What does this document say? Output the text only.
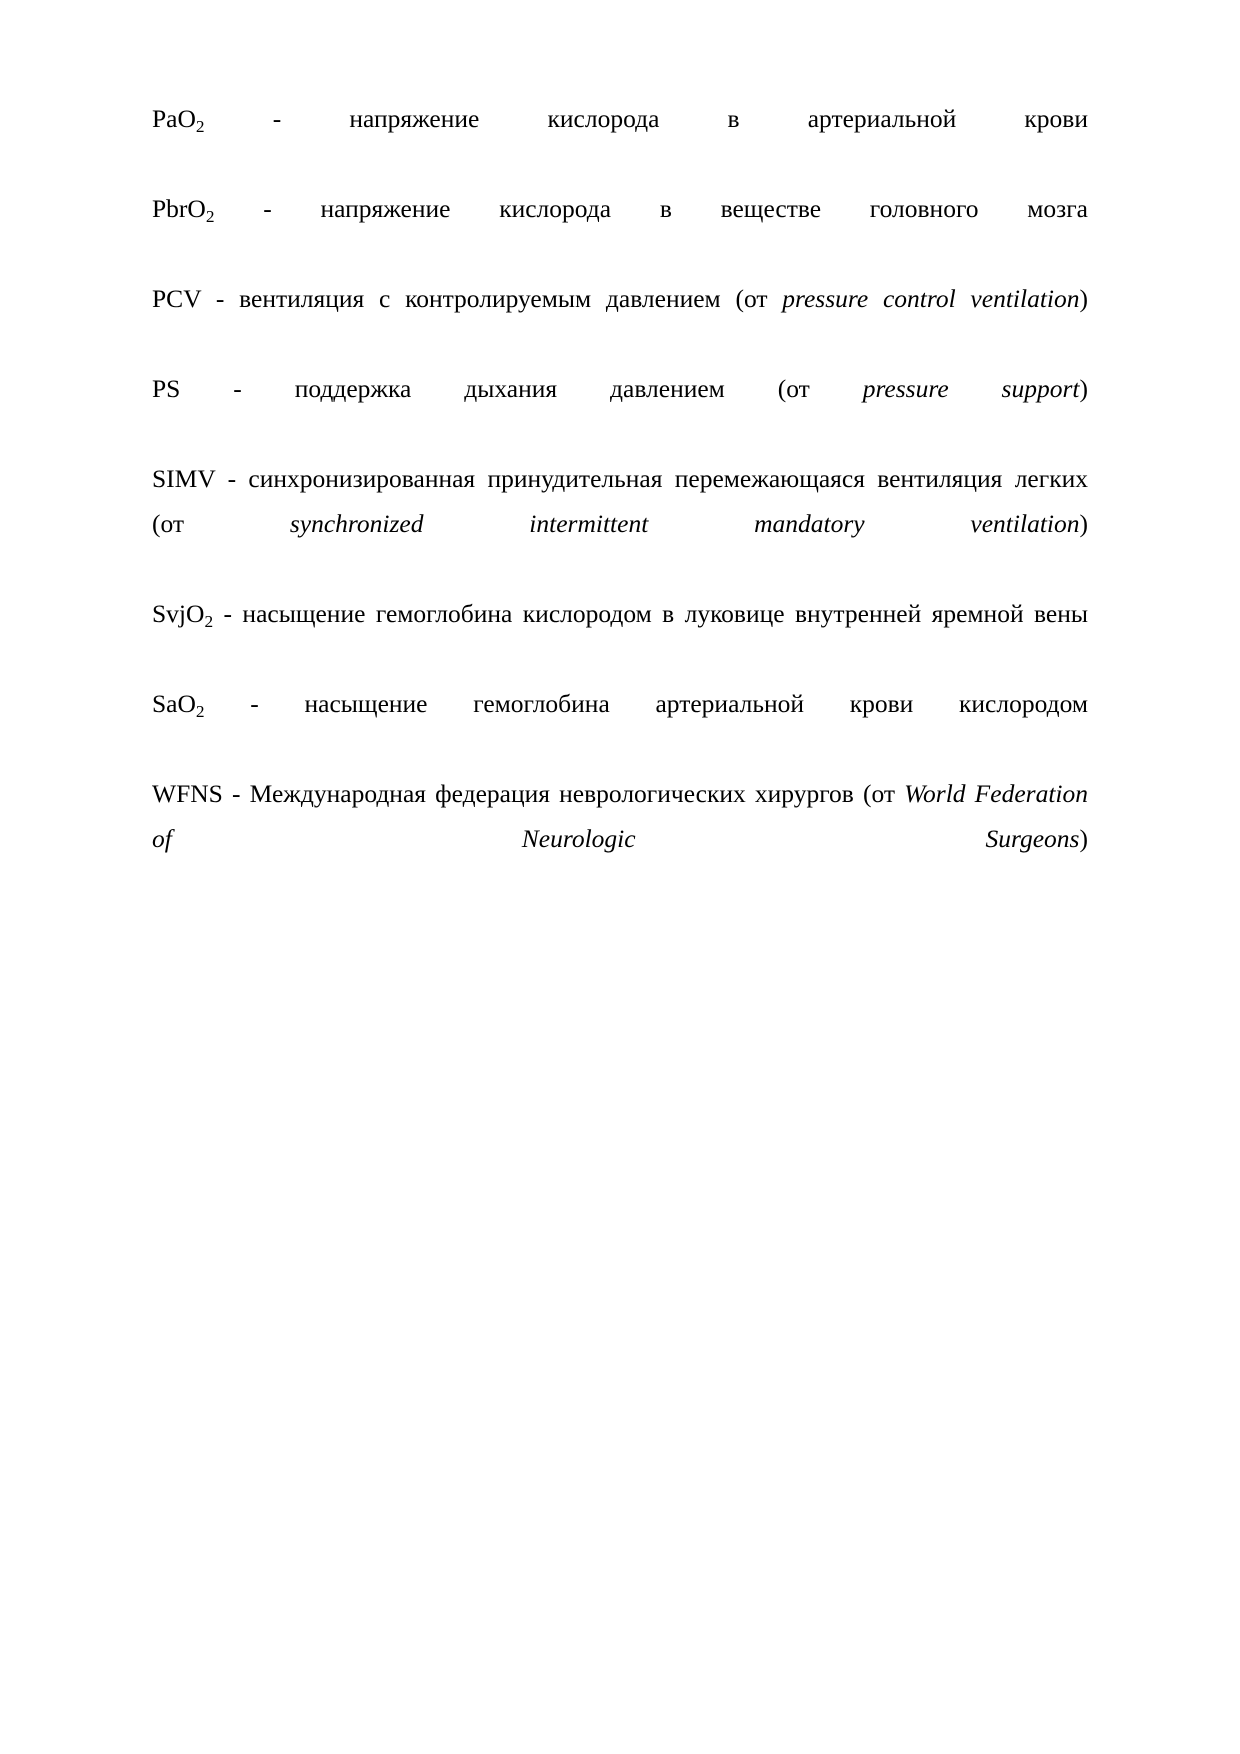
PaO$_2$ - напряжение кислорода в артериальной крови

PbrO$_2$ - напряжение кислорода в веществе головного мозга

PCV - вентиляция с контролируемым давлением (от pressure control ventilation)

PS - поддержка дыхания давлением (от pressure support)

SIMV - синхронизированная принудительная перемежающаяся вентиляция легких (от synchronized intermittent mandatory ventilation)

SvjO$_2$ - насыщение гемоглобина кислородом в луковице внутренней яремной вены

SaO$_2$ - насыщение гемоглобина артериальной крови кислородом

WFNS - Международная федерация неврологических хирургов (от World Federation of Neurologic Surgeons)
